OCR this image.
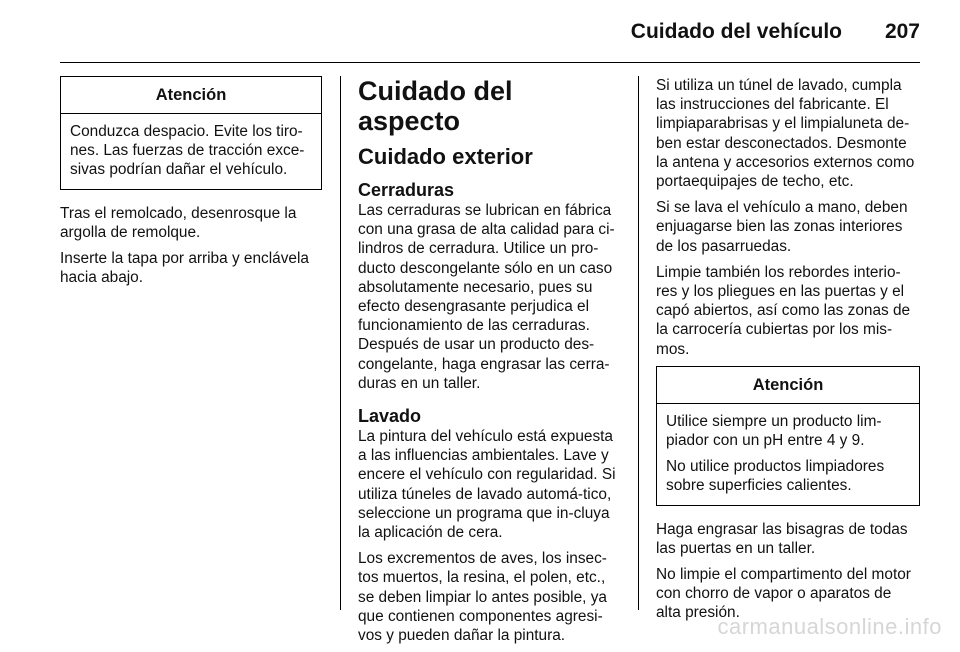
Cuidado del vehículo 207
Atención

Conduzca despacio. Evite los tiro-nes. Las fuerzas de tracción exce-sivas podrían dañar el vehículo.

Tras el remolcado, desenrosque la argolla de remolque.

Inserte la tapa por arriba y enclávela hacia abajo.

Cuidado del aspecto
Cuidado exterior
Cerraduras

Las cerraduras se lubrican en fábrica con una grasa de alta calidad para ci-lindros de cerradura. Utilice un pro-ducto descongelante sólo en un caso absolutamente necesario, pues su efecto desengrasante perjudica el funcionamiento de las cerraduras. Después de usar un producto des-congelante, haga engrasar las cerra-duras en un taller.

Lavado

La pintura del vehículo está expuesta a las influencias ambientales. Lave y encere el vehículo con regularidad. Si utiliza túneles de lavado automá-tico, seleccione un programa que in-cluya la aplicación de cera.

Los excrementos de aves, los insec-tos muertos, la resina, el polen, etc., se deben limpiar lo antes posible, ya que contienen componentes agresi-vos y pueden dañar la pintura.

Si utiliza un túnel de lavado, cumpla las instrucciones del fabricante. El limpiaparabrisas y el limpialuneta de-ben estar desconectados. Desmonte la antena y accesorios externos como portaequipajes de techo, etc.

Si se lava el vehículo a mano, deben enjuagarse bien las zonas interiores de los pasarruedas.

Limpie también los rebordes interio-res y los pliegues en las puertas y el capó abiertos, así como las zonas de la carrocería cubiertas por los mis-mos.

Atención

Utilice siempre un producto lim-piador con un pH entre 4 y 9.

No utilice productos limpiadores sobre superficies calientes.

Haga engrasar las bisagras de todas las puertas en un taller.

No limpie el compartimento del motor con chorro de vapor o aparatos de alta presión.

carmanualsonline.info
